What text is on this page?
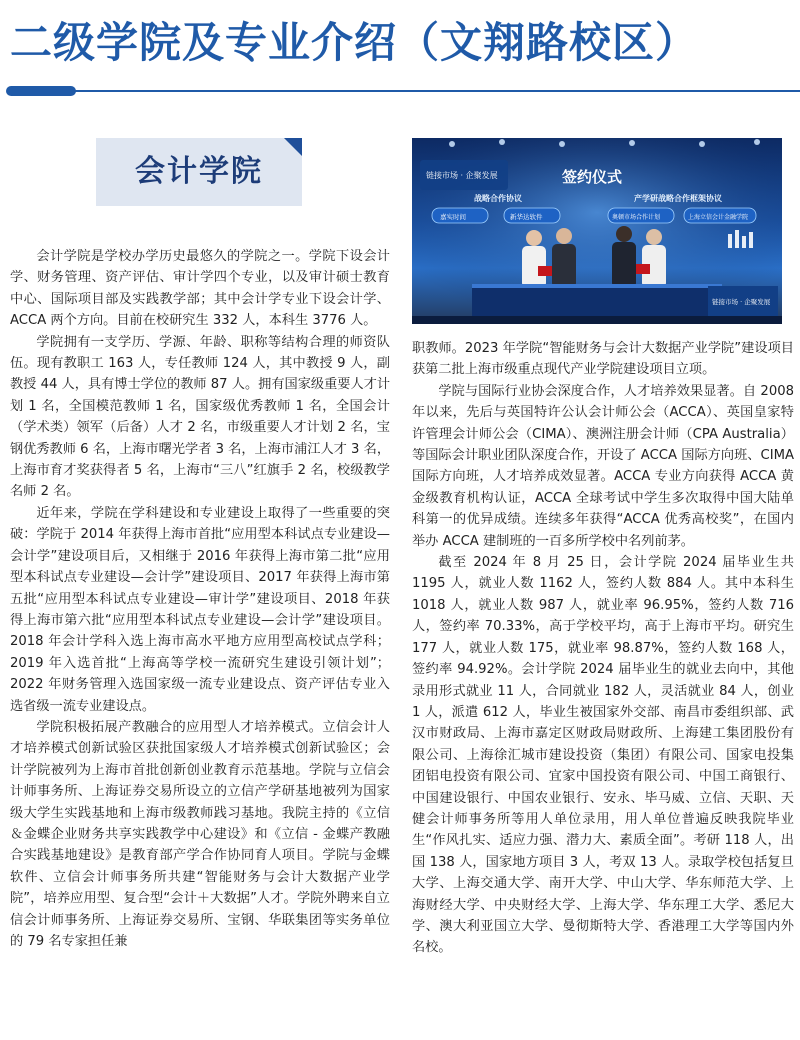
二级学院及专业介绍（文翔路校区）
会计学院	链接市场 · 企聚发展	签约仪式
战略合作协议	产学研战略合作框架协议
嘉实时间	新华达软件	奥顿市场合作计划	上海立信会计金融学院
链接市场 · 企聚发展

会计学院是学校办学历史最悠久的学院之一。学院下设会计学、财务管理、资产评估、审计学四个专业，以及审计硕士教育中心、国际项目部及实践教学部；其中会计学专业下设会计学、ACCA 两个方向。目前在校研究生 332 人，本科生 3776 人。

学院拥有一支学历、学源、年龄、职称等结构合理的师资队伍。现有教职工 163 人，专任教师 124 人，其中教授 9 人，副教授 44 人，具有博士学位的教师 87 人。拥有国家级重要人才计划 1 名，全国模范教师 1 名，国家级优秀教师 1 名，全国会计（学术类）领军（后备）人才 2 名，市级重要人才计划 2 名，宝钢优秀教师 6 名，上海市曙光学者 3 名，上海市浦江人才 3 名，上海市育才奖获得者 5 名，上海市“三八”红旗手 2 名，校级教学名师 2 名。

近年来，学院在学科建设和专业建设上取得了一些重要的突破：学院于 2014 年获得上海市首批“应用型本科试点专业建设—会计学”建设项目后，又相继于 2016 年获得上海市第二批“应用型本科试点专业建设—会计学”建设项目、2017 年获得上海市第五批“应用型本科试点专业建设—审计学”建设项目、2018 年获得上海市第六批“应用型本科试点专业建设—会计学”建设项目。2018 年会计学科入选上海市高水平地方应用型高校试点学科；2019 年入选首批“上海高等学校一流研究生建设引领计划”；2022 年财务管理入选国家级一流专业建设点、资产评估专业入选省级一流专业建设点。

学院积极拓展产教融合的应用型人才培养模式。立信会计人才培养模式创新试验区获批国家级人才培养模式创新试验区；会计学院被列为上海市首批创新创业教育示范基地。学院与立信会计师事务所、上海证券交易所设立的立信产学研基地被列为国家级大学生实践基地和上海市级教师践习基地。我院主持的《立信＆金蝶企业财务共享实践教学中心建设》和《立信 - 金蝶产教融合实践基地建设》是教育部产学合作协同育人项目。学院与金蝶软件、立信会计师事务所共建“智能财务与会计大数据产业学院”，培养应用型、复合型“会计＋大数据”人才。学院外聘来自立信会计师事务所、上海证券交易所、宝钢、华联集团等实务单位的 79 名专家担任兼

职教师。2023 年学院“智能财务与会计大数据产业学院”建设项目获第二批上海市级重点现代产业学院建设项目立项。

学院与国际行业协会深度合作，人才培养效果显著。自 2008 年以来，先后与英国特许公认会计师公会（ACCA）、英国皇家特许管理会计师公会（CIMA）、澳洲注册会计师（CPA Australia）等国际会计职业团队深度合作，开设了 ACCA 国际方向班、CIMA 国际方向班，人才培养成效显著。ACCA 专业方向获得 ACCA 黄金级教育机构认证，ACCA 全球考试中学生多次取得中国大陆单科第一的优异成绩。连续多年获得“ACCA 优秀高校奖”，在国内举办 ACCA 建制班的一百多所学校中名列前茅。

截至 2024 年 8 月 25 日，会计学院 2024 届毕业生共 1195 人，就业人数 1162 人，签约人数 884 人。其中本科生 1018 人，就业人数 987 人，就业率 96.95%，签约人数 716 人，签约率 70.33%，高于学校平均，高于上海市平均。研究生 177 人，就业人数 175，就业率 98.87%，签约人数 168 人，签约率 94.92%。会计学院 2024 届毕业生的就业去向中，其他录用形式就业 11 人，合同就业 182 人，灵活就业 84 人，创业 1 人，派遣 612 人，毕业生被国家外交部、南昌市委组织部、武汉市财政局、上海市嘉定区财政局财政所、上海建工集团股份有限公司、上海徐汇城市建设投资（集团）有限公司、国家电投集团铝电投资有限公司、宜家中国投资有限公司、中国工商银行、中国建设银行、中国农业银行、安永、毕马威、立信、天职、天健会计师事务所等用人单位录用，用人单位普遍反映我院毕业生“作风扎实、适应力强、潜力大、素质全面”。考研 118 人，出国 138 人，国家地方项目 3 人，考双 13 人。录取学校包括复旦大学、上海交通大学、南开大学、中山大学、华东师范大学、上海财经大学、中央财经大学、上海大学、华东理工大学、悉尼大学、澳大利亚国立大学、曼彻斯特大学、香港理工大学等国内外名校。
